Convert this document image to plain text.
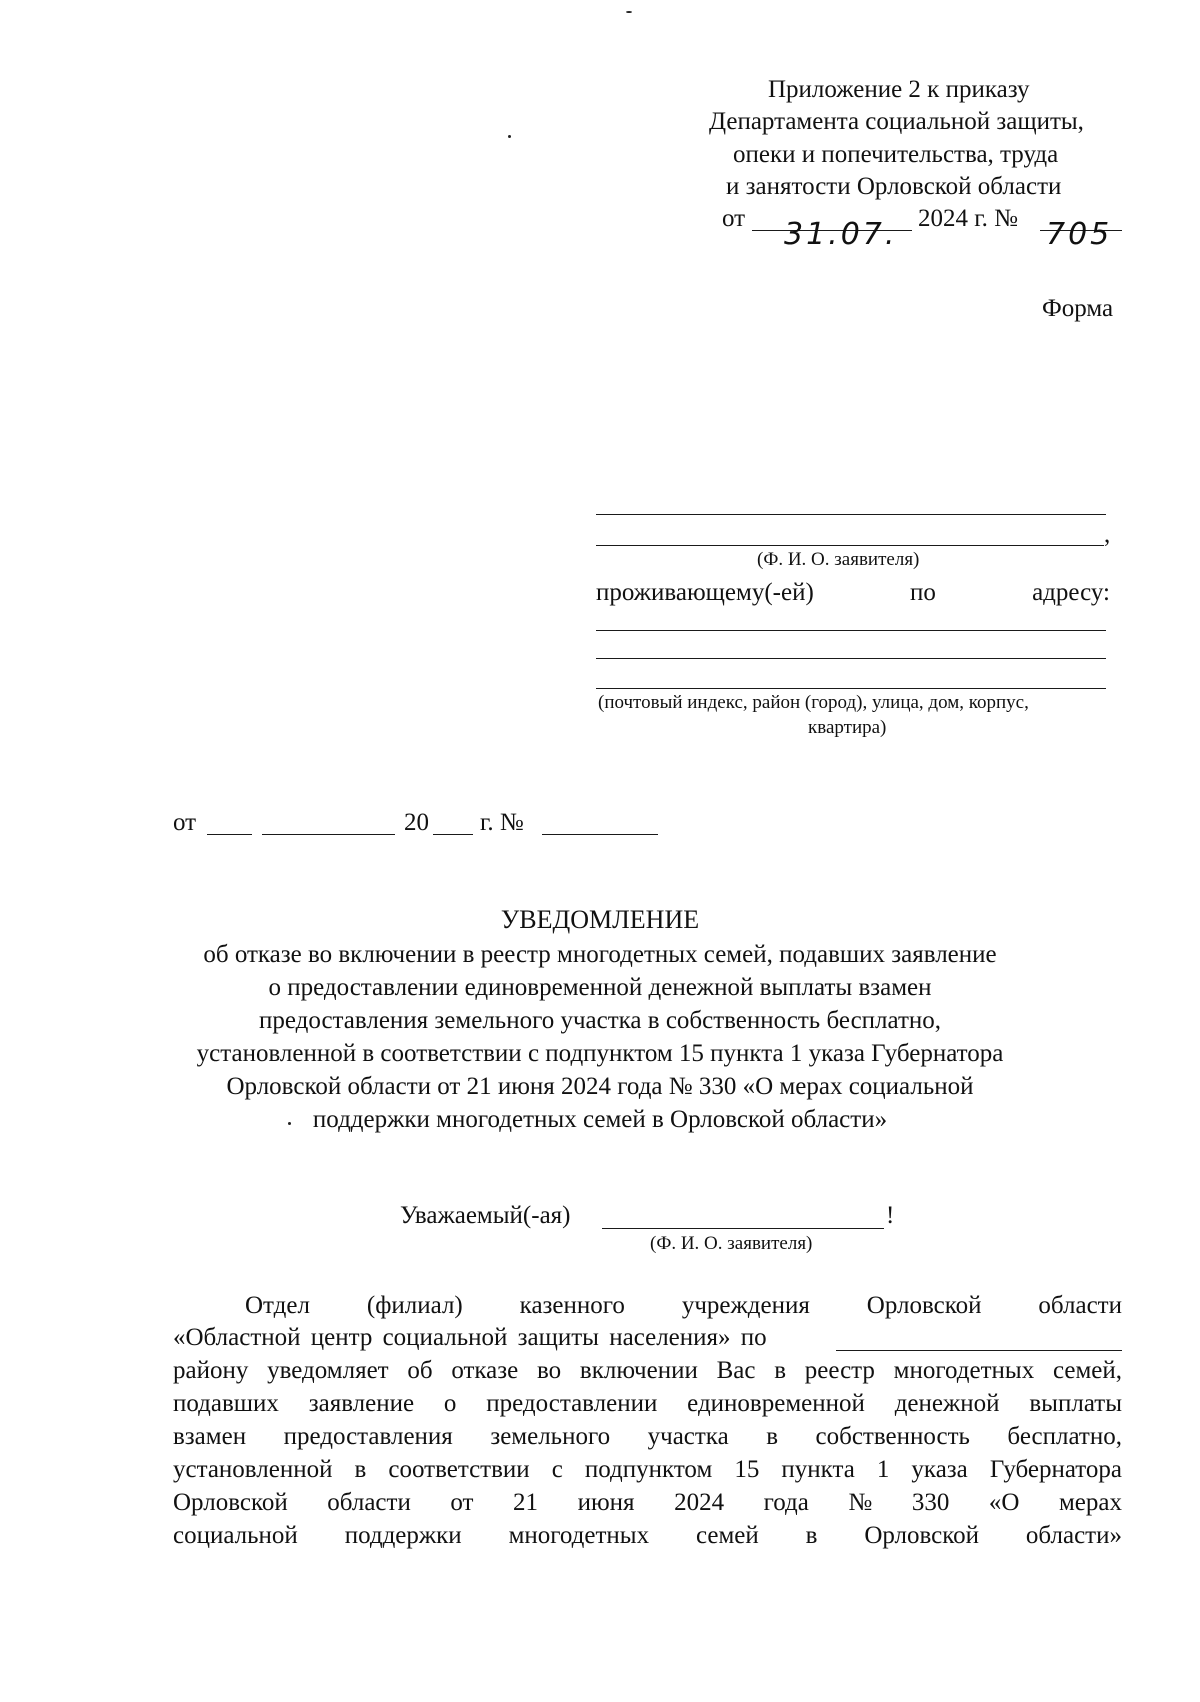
Приложение 2 к приказу
Департамента социальной защиты,
опеки и попечительства, труда
и занятости Орловской области
от 31.07. 2024 г. № 705
Форма
,
(Ф. И. О. заявителя)
проживающему(-ей)	по	адресу:
(почтовый индекс, район (город), улица, дом, корпус,
квартира)
от	20 г. №
УВЕДОМЛЕНИЕ
об отказе во включении в реестр многодетных семей, подавших заявление
о предоставлении единовременной денежной выплаты взамен
предоставления земельного участка в собственность бесплатно,
установленной в соответствии с подпунктом 15 пункта 1 указа Губернатора
Орловской области от 21 июня 2024 года № 330 «О мерах социальной
поддержки многодетных семей в Орловской области»
Уважаемый(-ая)	!
(Ф. И. О. заявителя)
Отдел (филиал) казенного учреждения Орловской области
«Областной центр социальной защиты населения» по
району уведомляет об отказе во включении Вас в реестр многодетных семей,
подавших заявление о предоставлении единовременной денежной выплаты
взамен предоставления земельного участка в собственность бесплатно,
установленной в соответствии с подпунктом 15 пункта 1 указа Губернатора
Орловской области от 21 июня 2024 года № 330 «О мерах
социальной поддержки многодетных семей в Орловской области»
